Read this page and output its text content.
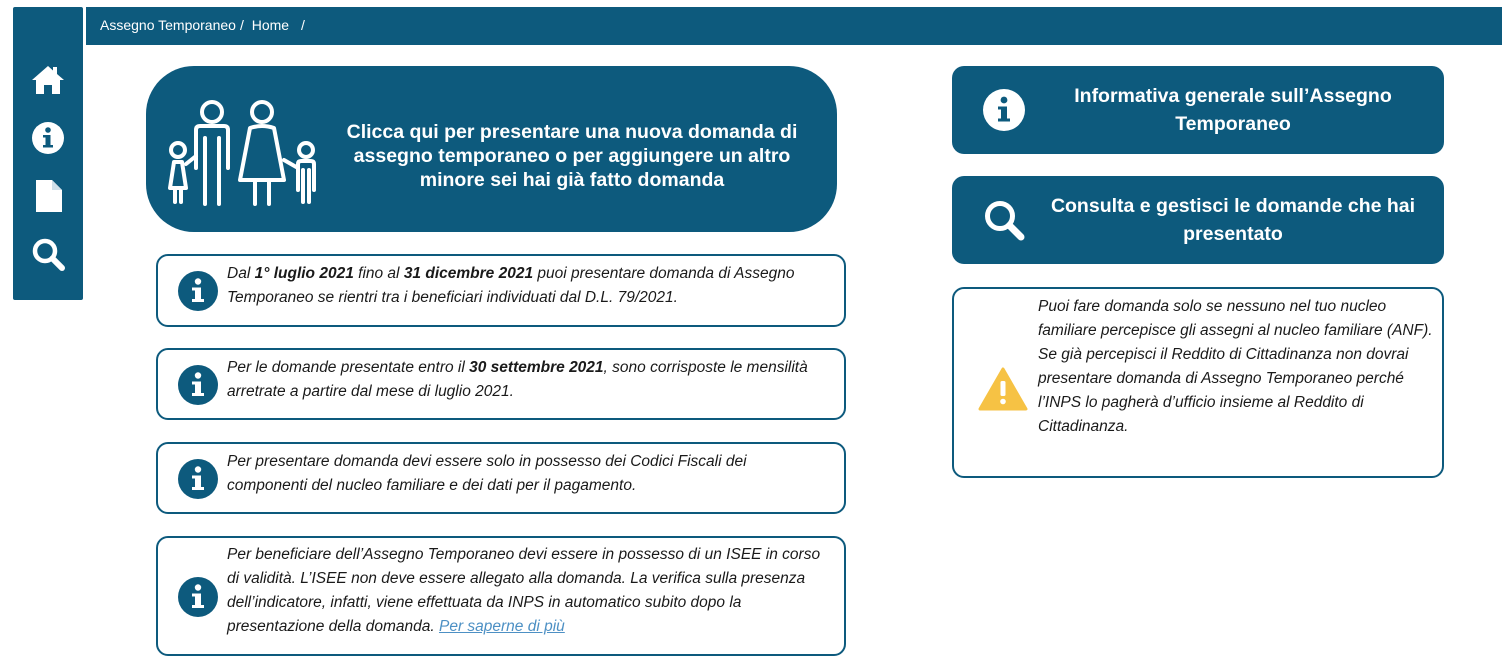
Assegno Temporaneo / Home /
Clicca qui per presentare una nuova domanda di assegno temporaneo o per aggiungere un altro minore sei hai già fatto domanda
Dal 1° luglio 2021 fino al 31 dicembre 2021 puoi presentare domanda di Assegno Temporaneo se rientri tra i beneficiari individuati dal D.L. 79/2021.
Per le domande presentate entro il 30 settembre 2021, sono corrisposte le mensilità arretrate a partire dal mese di luglio 2021.
Per presentare domanda devi essere solo in possesso dei Codici Fiscali dei componenti del nucleo familiare e dei dati per il pagamento.
Per beneficiare dell’Assegno Temporaneo devi essere in possesso di un ISEE in corso di validità. L’ISEE non deve essere allegato alla domanda. La verifica sulla presenza dell’indicatore, infatti, viene effettuata da INPS in automatico subito dopo la presentazione della domanda. Per saperne di più
Informativa generale sull’Assegno Temporaneo
Consulta e gestisci le domande che hai presentato
Puoi fare domanda solo se nessuno nel tuo nucleo familiare percepisce gli assegni al nucleo familiare (ANF).
Se già percepisci il Reddito di Cittadinanza non dovrai presentare domanda di Assegno Temporaneo perché l’INPS lo pagherà d’ufficio insieme al Reddito di Cittadinanza.
